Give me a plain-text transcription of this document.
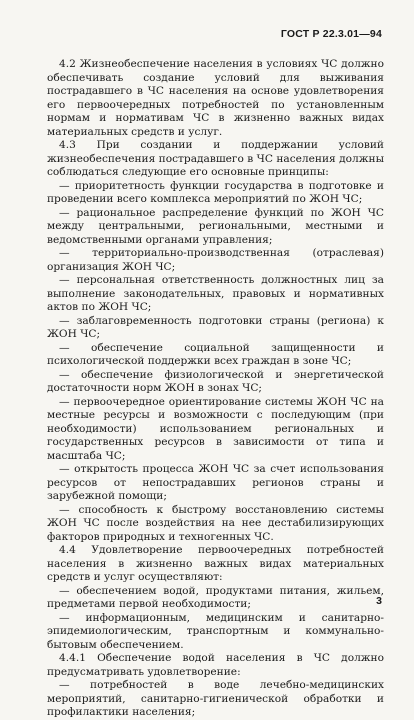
ГОСТ Р 22.3.01—94

4.2 Жизнеобеспечение населения в условиях ЧС должно обеспечивать создание условий для выживания пострадавшего в ЧС населения на основе удовлетворения его первоочередных потребностей по установленным нормам и нормативам ЧС в жизненно важных видах материальных средств и услуг.

4.3 При создании и поддержании условий жизнеобеспечения пострадавшего в ЧС населения должны соблюдаться следующие его основные принципы:

— приоритетность функции государства в подготовке и проведении всего комплекса мероприятий по ЖОН ЧС;

— рациональное распределение функций по ЖОН ЧС между центральными, региональными, местными и ведомственными органами управления;

— территориально-производственная (отраслевая) организация ЖОН ЧС;

— персональная ответственность должностных лиц за выполнение законодательных, правовых и нормативных актов по ЖОН ЧС;

— заблаговременность подготовки страны (региона) к ЖОН ЧС;

— обеспечение социальной защищенности и психологической поддержки всех граждан в зоне ЧС;

— обеспечение физиологической и энергетической достаточности норм ЖОН в зонах ЧС;

— первоочередное ориентирование системы ЖОН ЧС на местные ресурсы и возможности с последующим (при необходимости) использованием региональных и государственных ресурсов в зависимости от типа и масштаба ЧС;

— открытость процесса ЖОН ЧС за счет использования ресурсов от непострадавших регионов страны и зарубежной помощи;

— способность к быстрому восстановлению системы ЖОН ЧС после воздействия на нее дестабилизирующих факторов природных и техногенных ЧС.

4.4 Удовлетворение первоочередных потребностей населения в жизненно важных видах материальных средств и услуг осуществляют:

— обеспечением водой, продуктами питания, жильем, предметами первой необходимости;

— информационным, медицинским и санитарно-эпидемиологическим, транспортным и коммунально-бытовым обеспечением.

4.4.1 Обеспечение водой населения в ЧС должно предусматривать удовлетворение:

— потребностей в воде лечебно-медицинских мероприятий, санитарно-гигиенической обработки и профилактики населения;

3
